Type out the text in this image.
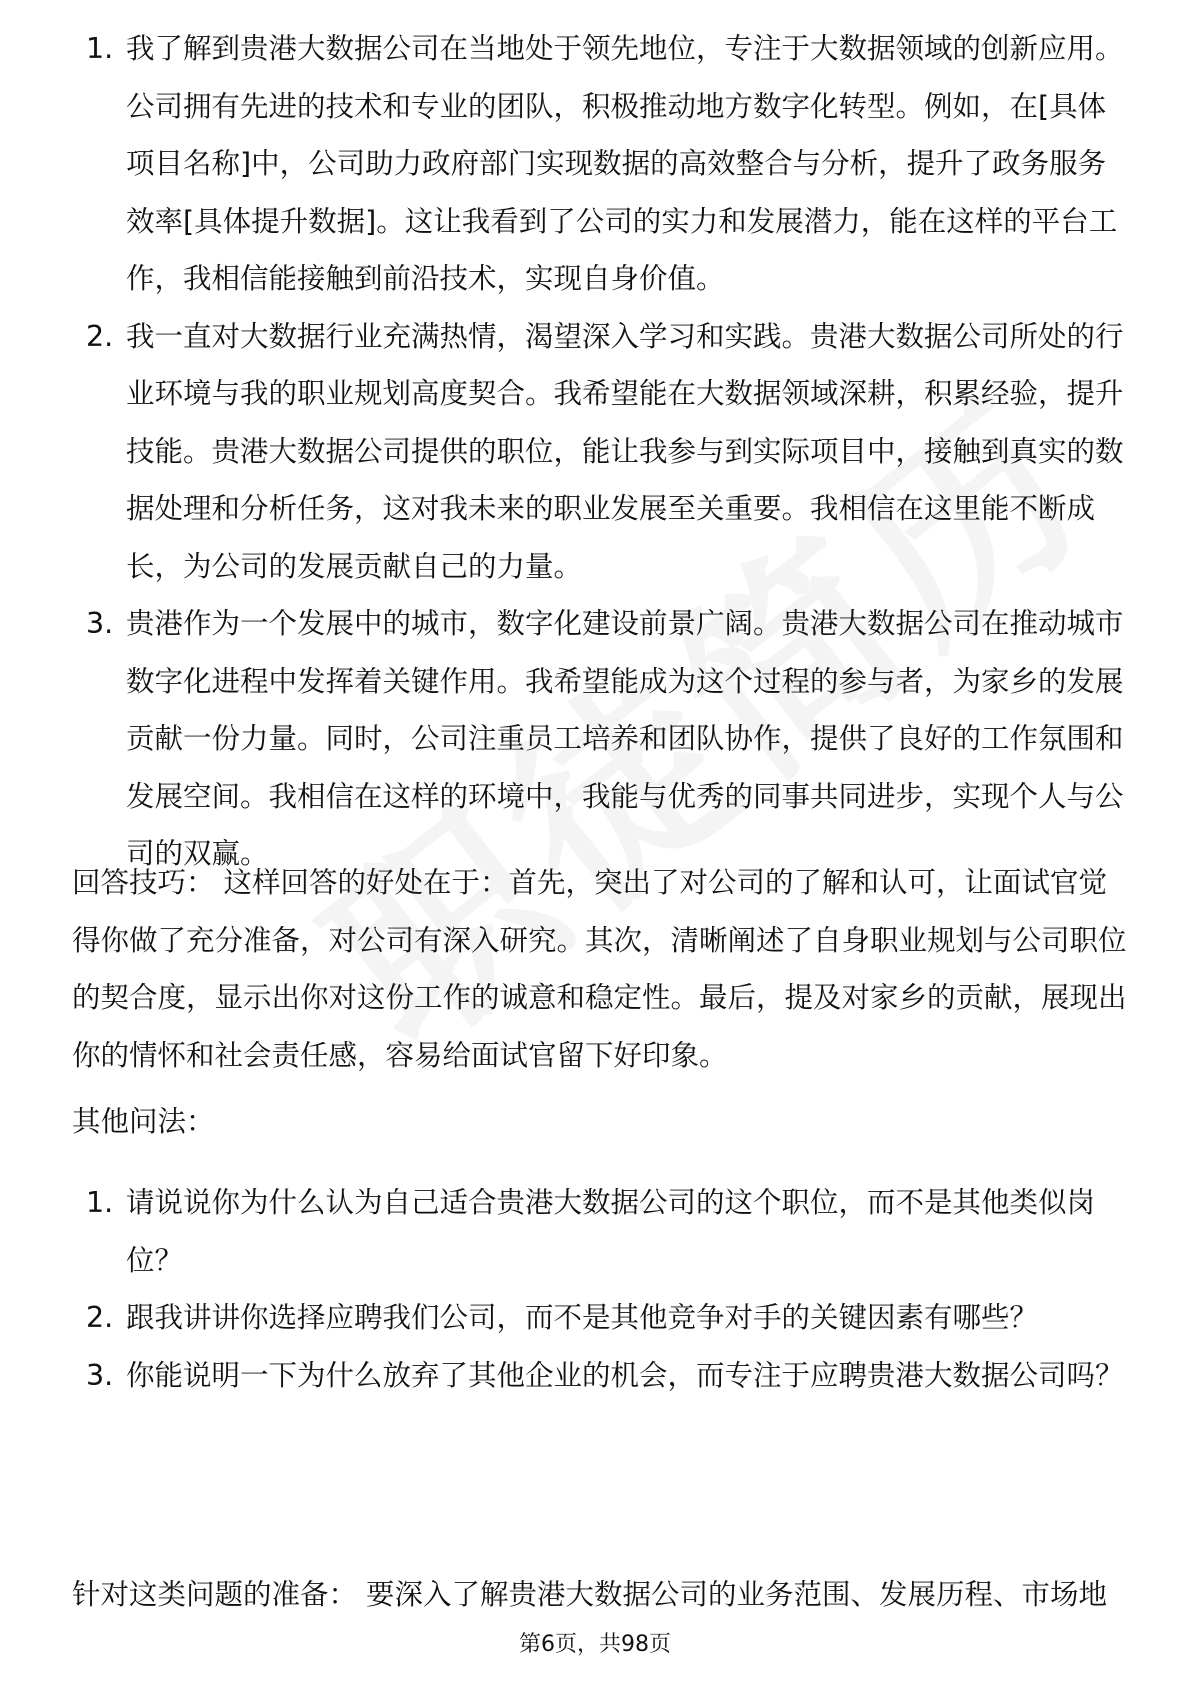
1. 我了解到贵港大数据公司在当地处于领先地位，专注于大数据领域的创新应用。公司拥有先进的技术和专业的团队，积极推动地方数字化转型。例如，在[具体项目名称]中，公司助力政府部门实现数据的高效整合与分析，提升了政务服务效率[具体提升数据]。这让我看到了公司的实力和发展潜力，能在这样的平台工作，我相信能接触到前沿技术，实现自身价值。
2. 我一直对大数据行业充满热情，渴望深入学习和实践。贵港大数据公司所处的行业环境与我的职业规划高度契合。我希望能在大数据领域深耕，积累经验，提升技能。贵港大数据公司提供的职位，能让我参与到实际项目中，接触到真实的数据处理和分析任务，这对我未来的职业发展至关重要。我相信在这里能不断成长，为公司的发展贡献自己的力量。
3. 贵港作为一个发展中的城市，数字化建设前景广阔。贵港大数据公司在推动城市数字化进程中发挥着关键作用。我希望能成为这个过程的参与者，为家乡的发展贡献一份力量。同时，公司注重员工培养和团队协作，提供了良好的工作氛围和发展空间。我相信在这样的环境中，我能与优秀的同事共同进步，实现个人与公司的双赢。
回答技巧： 这样回答的好处在于：首先，突出了对公司的了解和认可，让面试官觉得你做了充分准备，对公司有深入研究。其次，清晰阐述了自身职业规划与公司职位的契合度，显示出你对这份工作的诚意和稳定性。最后，提及对家乡的贡献，展现出你的情怀和社会责任感，容易给面试官留下好印象。
其他问法：
1. 请说说你为什么认为自己适合贵港大数据公司的这个职位，而不是其他类似岗位？
2. 跟我讲讲你选择应聘我们公司，而不是其他竞争对手的关键因素有哪些？
3. 你能说明一下为什么放弃了其他企业的机会，而专注于应聘贵港大数据公司吗？
针对这类问题的准备： 要深入了解贵港大数据公司的业务范围、发展历程、市场地
第6页，共98页
